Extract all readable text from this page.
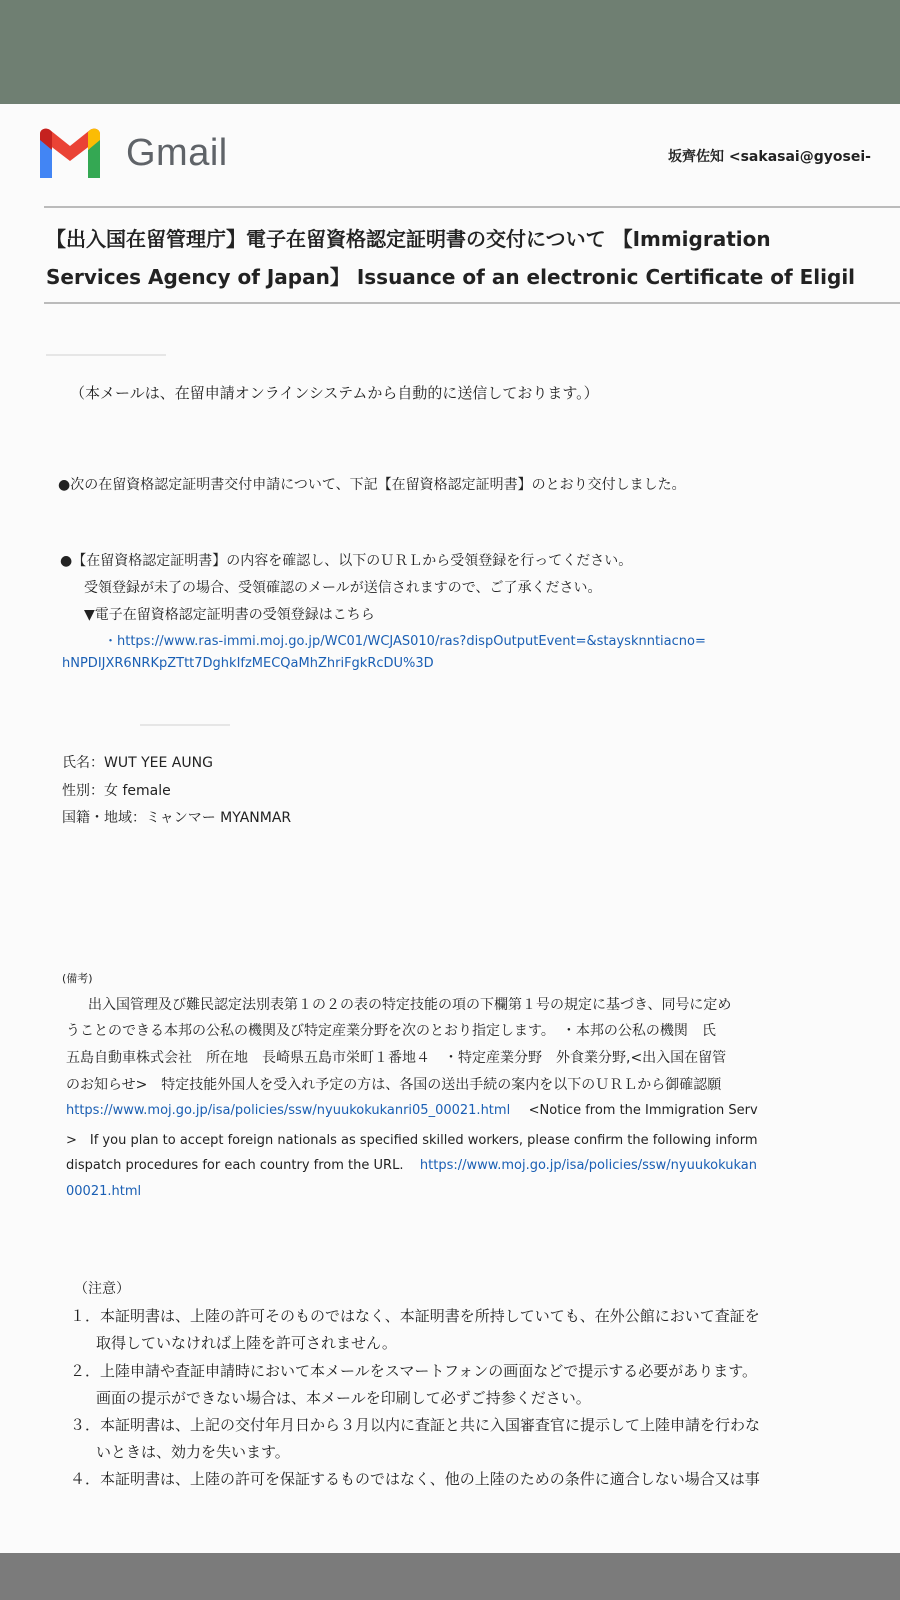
Gmail	坂齊佐知 <sakasai@gyosei-
【出入国在留管理庁】電子在留資格認定証明書の交付について 【Immigration
Services Agency of Japan】 Issuance of an electronic Certificate of Eligil
（本メールは、在留申請オンラインシステムから自動的に送信しております。）
●次の在留資格認定証明書交付申請について、下記【在留資格認定証明書】のとおり交付しました。
●【在留資格認定証明書】の内容を確認し、以下のＵＲＬから受領登録を行ってください。
受領登録が未了の場合、受領確認のメールが送信されますので、ご了承ください。
▼電子在留資格認定証明書の受領登録はこちら
・https://www.ras-immi.moj.go.jp/WC01/WCJAS010/ras?dispOutputEvent=&staysknntiacno=
hNPDIJXR6NRKpZTtt7DghkIfzMECQaMhZhriFgkRcDU%3D
氏名：WUT YEE AUNG
性別：女 female
国籍・地域：ミャンマー MYANMAR
(備考)
出入国管理及び難民認定法別表第１の２の表の特定技能の項の下欄第１号の規定に基づき、同号に定め
うことのできる本邦の公私の機関及び特定産業分野を次のとおり指定します。　・本邦の公私の機関　氏
五島自動車株式会社　所在地　長崎県五島市栄町１番地４　・特定産業分野　外食業分野,<出入国在留管
のお知らせ>　特定技能外国人を受入れ予定の方は、各国の送出手続の案内を以下のＵＲＬから御確認願
https://www.moj.go.jp/isa/policies/ssw/nyuukokukanri05_00021.html <Notice from the Immigration Serv
>　If you plan to accept foreign nationals as specified skilled workers, please confirm the following inform
dispatch procedures for each country from the URL. https://www.moj.go.jp/isa/policies/ssw/nyuukokukan
00021.html
（注意）
１．本証明書は、上陸の許可そのものではなく、本証明書を所持していても、在外公館において査証を
取得していなければ上陸を許可されません。
２．上陸申請や査証申請時において本メールをスマートフォンの画面などで提示する必要があります。
画面の提示ができない場合は、本メールを印刷して必ずご持参ください。
３．本証明書は、上記の交付年月日から３月以内に査証と共に入国審査官に提示して上陸申請を行わな
いときは、効力を失います。
４．本証明書は、上陸の許可を保証するものではなく、他の上陸のための条件に適合しない場合又は事
